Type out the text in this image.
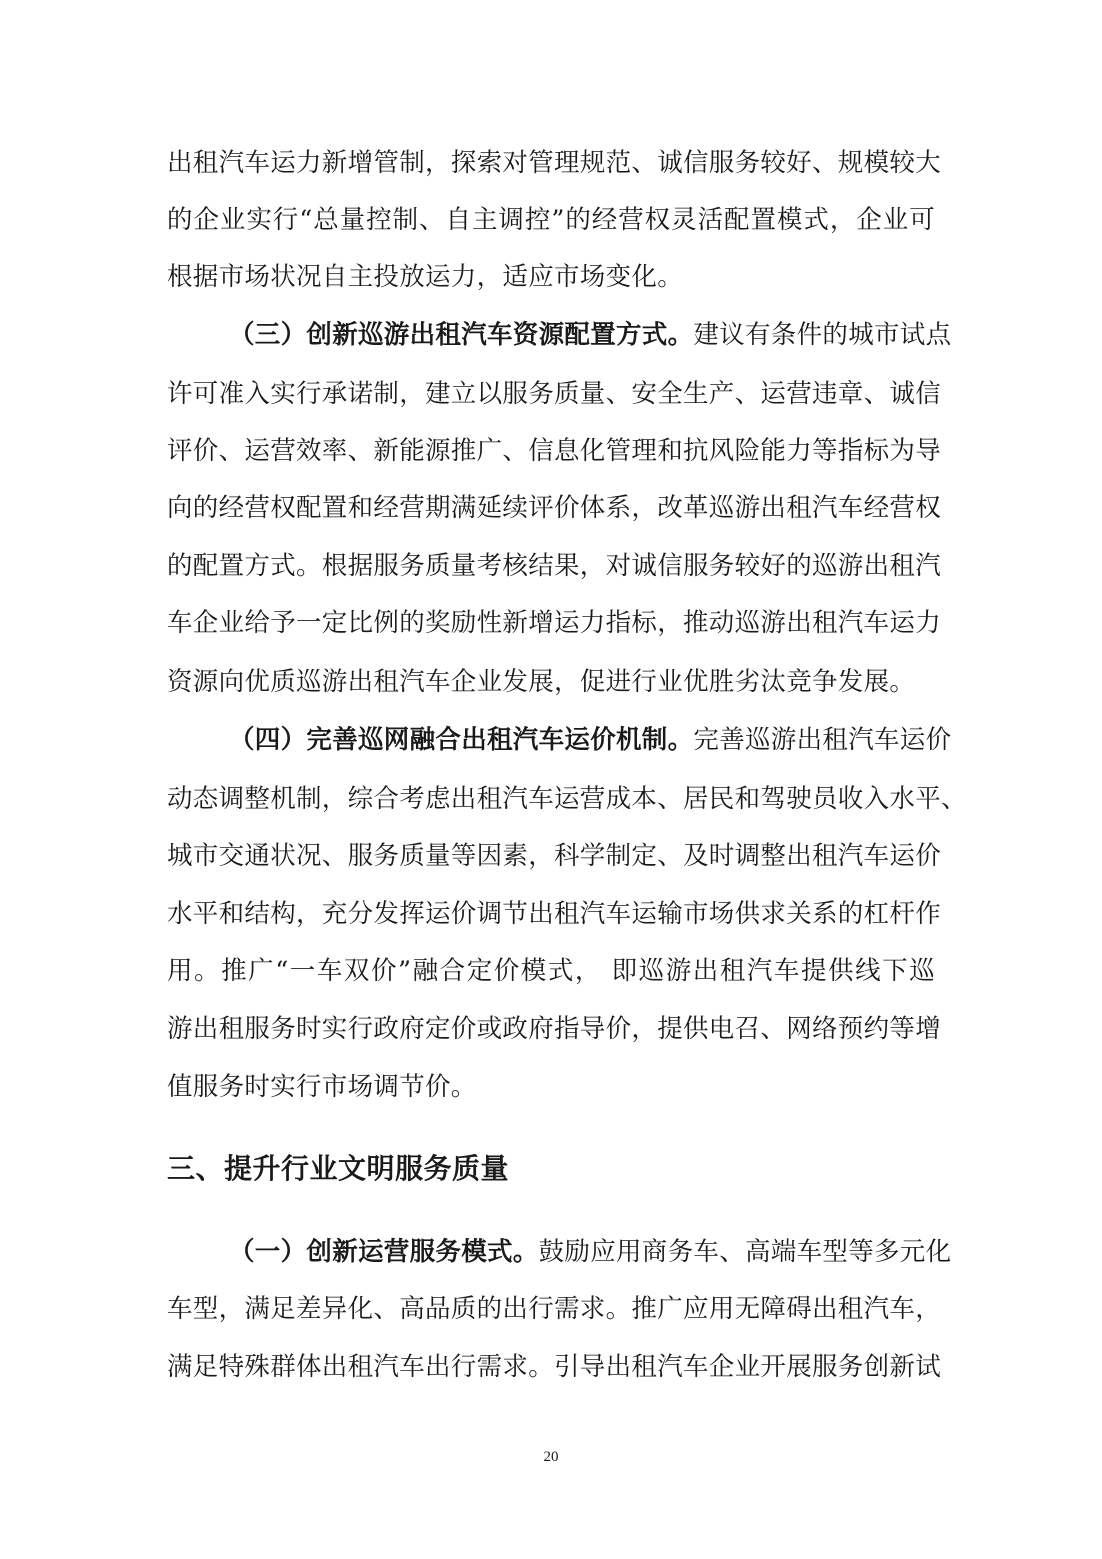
出租汽车运力新增管制，探索对管理规范、诚信服务较好、规模较大
的企业实行“总量控制、自主调控”的经营权灵活配置模式，企业可
根据市场状况自主投放运力，适应市场变化。
（三）创新巡游出租汽车资源配置方式。建议有条件的城市试点
许可准入实行承诺制，建立以服务质量、安全生产、运营违章、诚信
评价、运营效率、新能源推广、信息化管理和抗风险能力等指标为导
向的经营权配置和经营期满延续评价体系，改革巡游出租汽车经营权
的配置方式。根据服务质量考核结果，对诚信服务较好的巡游出租汽
车企业给予一定比例的奖励性新增运力指标，推动巡游出租汽车运力
资源向优质巡游出租汽车企业发展，促进行业优胜劣汰竞争发展。
（四）完善巡网融合出租汽车运价机制。完善巡游出租汽车运价
动态调整机制，综合考虑出租汽车运营成本、居民和驾驶员收入水平、
城市交通状况、服务质量等因素，科学制定、及时调整出租汽车运价
水平和结构，充分发挥运价调节出租汽车运输市场供求关系的杠杆作
用。推广“一车双价”融合定价模式， 即巡游出租汽车提供线下巡
游出租服务时实行政府定价或政府指导价，提供电召、网络预约等增
值服务时实行市场调节价。
三、提升行业文明服务质量
（一）创新运营服务模式。鼓励应用商务车、高端车型等多元化
车型，满足差异化、高品质的出行需求。推广应用无障碍出租汽车，
满足特殊群体出租汽车出行需求。引导出租汽车企业开展服务创新试
20
